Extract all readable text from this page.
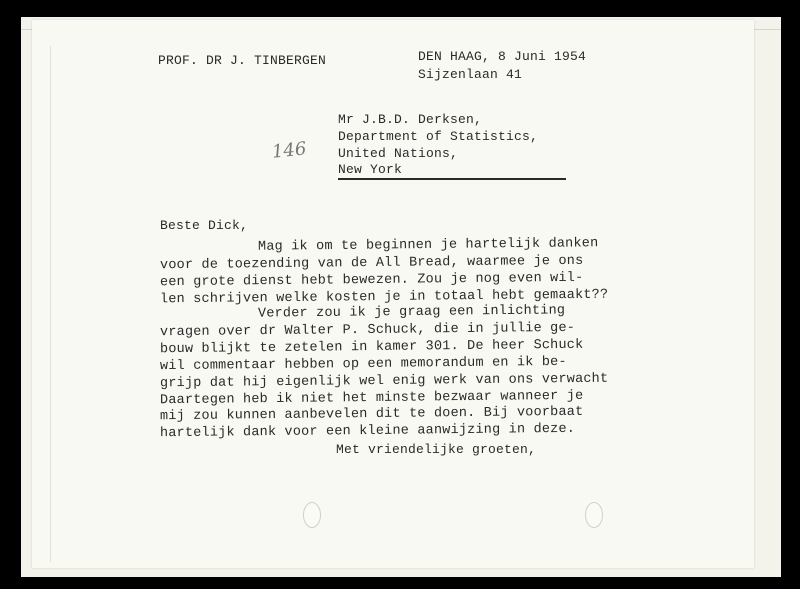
PROF. DR J. TINBERGEN	DEN HAAG, 8 Juni 1954
Sijzenlaan 41
Mr J.B.D. Derksen,
Department of Statistics,
United Nations,
New York
146
Beste Dick,
Mag ik om te beginnen je hartelijk danken
voor de toezending van de All Bread, waarmee je ons
een grote dienst hebt bewezen. Zou je nog even wil-
len schrijven welke kosten je in totaal hebt gemaakt??
Verder zou ik je graag een inlichting
vragen over dr Walter P. Schuck, die in jullie ge-
bouw blijkt te zetelen in kamer 301. De heer Schuck
wil commentaar hebben op een memorandum en ik be-
grijp dat hij eigenlijk wel enig werk van ons verwacht
Daartegen heb ik niet het minste bezwaar wanneer je
mij zou kunnen aanbevelen dit te doen. Bij voorbaat
hartelijk dank voor een kleine aanwijzing in deze.
Met vriendelijke groeten,
